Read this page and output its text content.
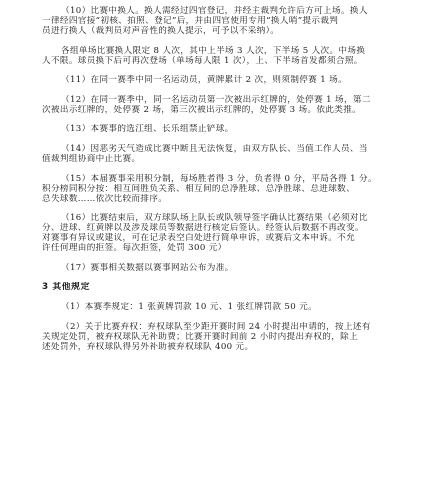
（10）比赛中换人。换人需经过四官登记，并经主裁判允许后方可上场。换人
一律经四官接“初核、拍照、登记”后，并由四官使用专用“换人哨”提示裁判
员进行换人（裁判员对声音性的换人提示，可予以不采纳）。
各组单场比赛换人限定 8 人次，其中上半场 3 人次，下半场 5 人次。中场换
人不限。球员换下后可再次登场（单场每人限 1 次），上、下半场首发都须合照。
（11）在同一赛季中同一名运动员，黄牌累计 2 次，则须制停赛 1 场。
（12）在同一赛季中，同一名运动员第一次被出示红牌的，处停赛 1 场，第二
次被出示红牌的，处停赛 2 场，第三次被出示红牌的，处停赛 3 场。依此类推。
（13）本赛事的选江组、长乐组禁止铲球。
（14）因恶劣天气造成比赛中断且无法恢复，由双方队长、当值工作人员、当
值裁判组协商中止比赛。
（15）本届赛事采用积分制，每场胜者得 3 分，负者得 0 分，平局各得 1 分。
积分榜同积分按：相互间胜负关系、相互间的总净胜球、总净胜球、总进球数、
总失球数……依次比较而排序。
（16）比赛结束后，双方球队场上队长或队领导签字确认比赛结果（必须对比
分、进球、红黄牌以及涉及球员等数据进行核定后签认。经签认后数据不再改变。
对赛事有异议或建议，可在记录表空白处进行简单申诉，或赛后文本申诉。不允
许任何理由的拒签。每次拒签，处罚 300 元）
（17）赛事相关数据以赛事网站公布为准。
3 其他规定
（1）本赛季规定：1 张黄牌罚款 10 元、1 张红牌罚款 50 元。
（2）关于比赛弃权：弃权球队至少距开赛时间 24 小时提出申请的，按上述有
关规定处罚，被弃权球队无补助费；比赛开赛时间前 2 小时内提出弃权的，除上
述处罚外，弃权球队得另外补助被弃权球队 400 元。
